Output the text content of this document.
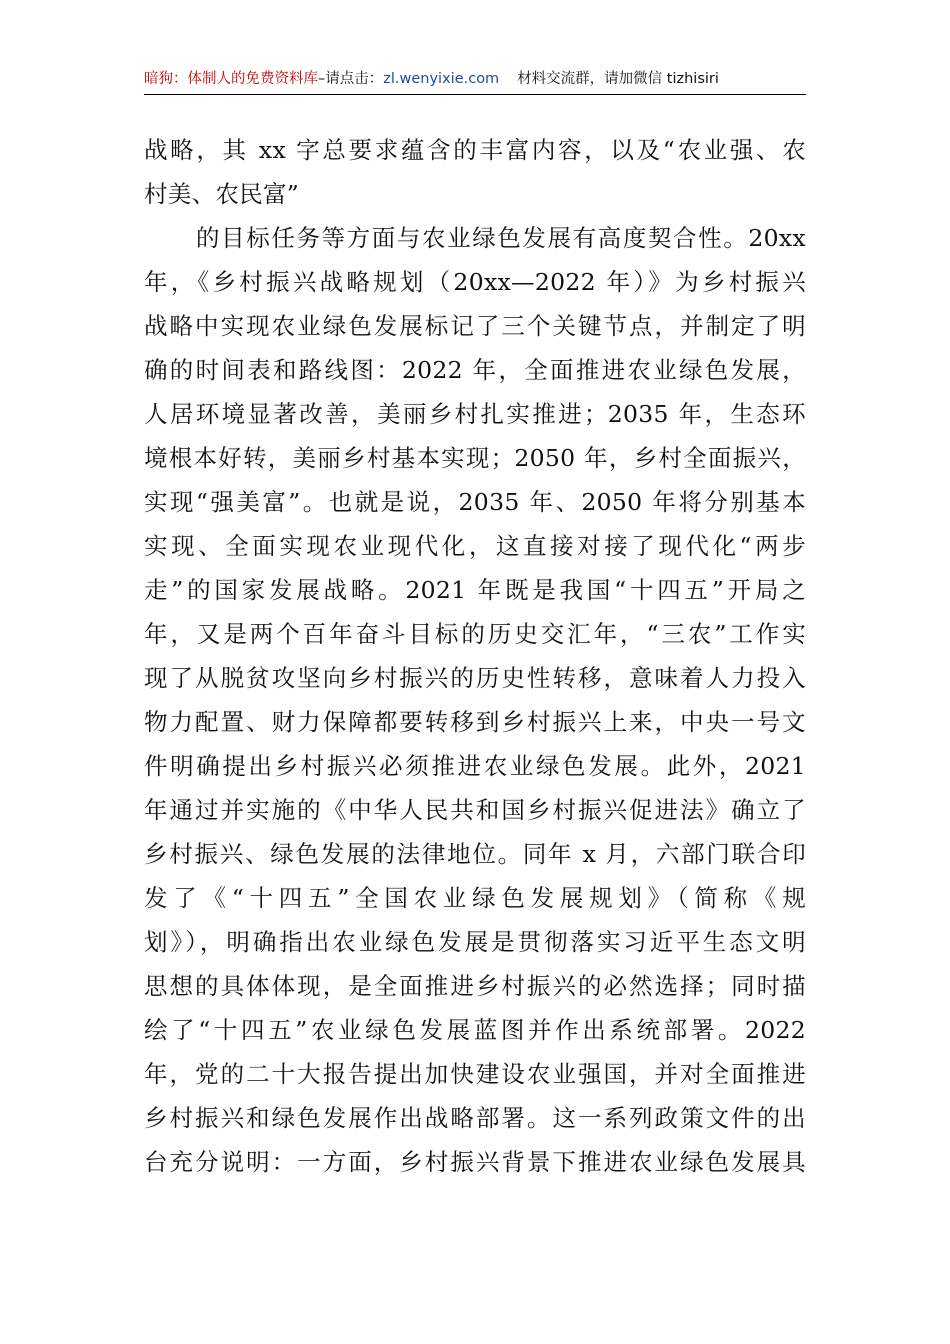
暗狗：体制人的免费资料库–请点击：zl.wenyixie.com 材料交流群，请加微信 tizhisiri
战略，其 xx 字总要求蕴含的丰富内容，以及“农业强、农
村美、农民富”
的目标任务等方面与农业绿色发展有高度契合性。20xx
年，《乡村振兴战略规划（20xx—2022 年）》为乡村振兴
战略中实现农业绿色发展标记了三个关键节点，并制定了明
确的时间表和路线图：2022 年，全面推进农业绿色发展，
人居环境显著改善，美丽乡村扎实推进；2035 年，生态环
境根本好转，美丽乡村基本实现；2050 年，乡村全面振兴，
实现“强美富”。也就是说，2035 年、2050 年将分别基本
实现、全面实现农业现代化，这直接对接了现代化“两步
走”的国家发展战略。2021 年既是我国“十四五”开局之
年，又是两个百年奋斗目标的历史交汇年，“三农”工作实
现了从脱贫攻坚向乡村振兴的历史性转移，意味着人力投入
物力配置、财力保障都要转移到乡村振兴上来，中央一号文
件明确提出乡村振兴必须推进农业绿色发展。此外，2021
年通过并实施的《中华人民共和国乡村振兴促进法》确立了
乡村振兴、绿色发展的法律地位。同年 x 月，六部门联合印
发了《“十四五”全国农业绿色发展规划》（简称《规
划》），明确指出农业绿色发展是贯彻落实习近平生态文明
思想的具体体现，是全面推进乡村振兴的必然选择；同时描
绘了“十四五”农业绿色发展蓝图并作出系统部署。2022
年，党的二十大报告提出加快建设农业强国，并对全面推进
乡村振兴和绿色发展作出战略部署。这一系列政策文件的出
台充分说明：一方面，乡村振兴背景下推进农业绿色发展具
